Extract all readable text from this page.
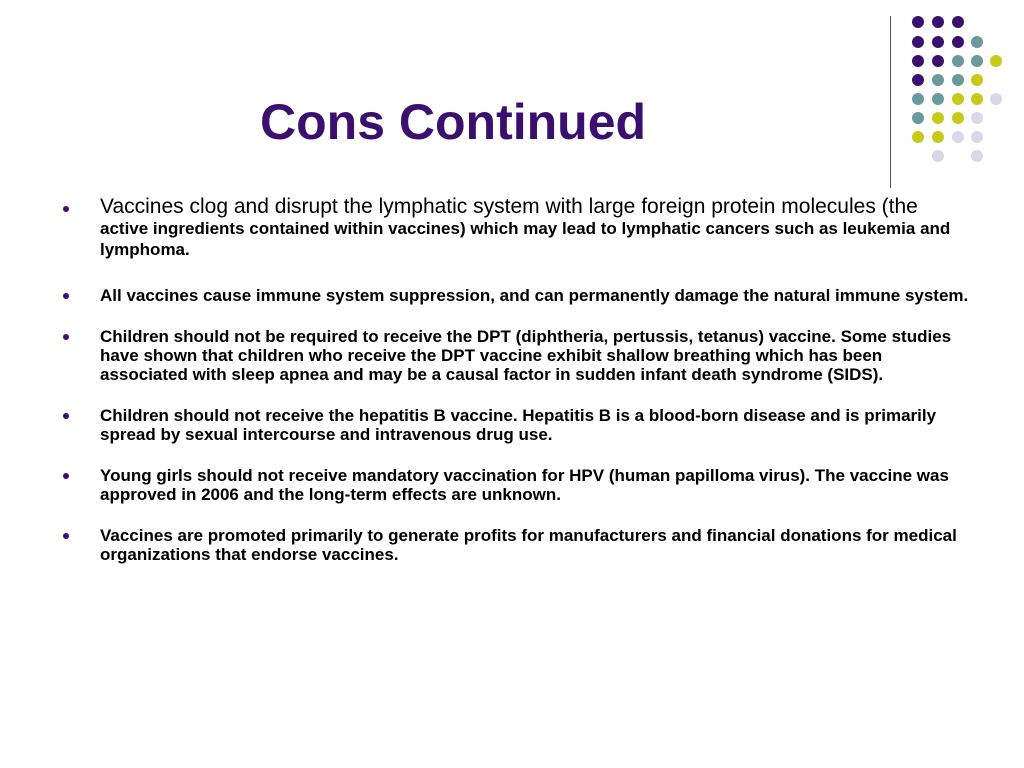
Cons Continued
Vaccines clog and disrupt the lymphatic system with large foreign protein molecules (the active ingredients contained within vaccines) which may lead to lymphatic cancers such as leukemia and lymphoma.
All vaccines cause immune system suppression, and can permanently damage the natural immune system.
Children should not be required to receive the DPT (diphtheria, pertussis, tetanus) vaccine. Some studies have shown that children who receive the DPT vaccine exhibit shallow breathing which has been associated with sleep apnea and may be a causal factor in sudden infant death syndrome (SIDS).
Children should not receive the hepatitis B vaccine. Hepatitis B is a blood-born disease and is primarily spread by sexual intercourse and intravenous drug use.
Young girls should not receive mandatory vaccination for HPV (human papilloma virus). The vaccine was approved in 2006 and the long-term effects are unknown.
Vaccines are promoted primarily to generate profits for manufacturers and financial donations for medical organizations that endorse vaccines.
